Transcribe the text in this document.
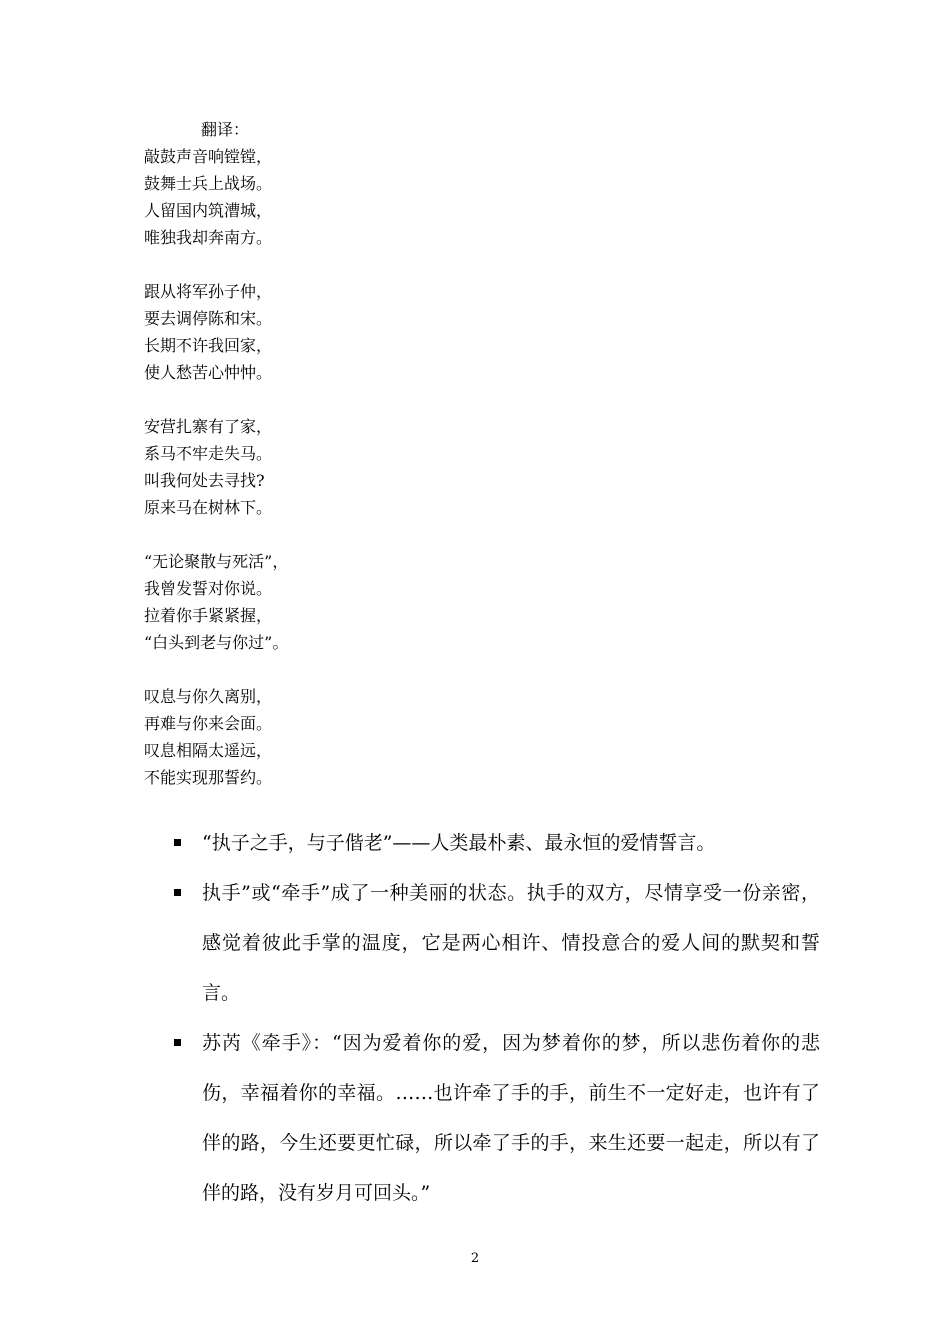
翻译：
敲鼓声音响镗镗，
鼓舞士兵上战场。
人留国内筑漕城，
唯独我却奔南方。
跟从将军孙子仲，
要去调停陈和宋。
长期不许我回家，
使人愁苦心忡忡。
安营扎寨有了家，
系马不牢走失马。
叫我何处去寻找?
原来马在树林下。
“无论聚散与死活”，
我曾发誓对你说。
拉着你手紧紧握，
“白头到老与你过”。
叹息与你久离别，
再难与你来会面。
叹息相隔太遥远，
不能实现那誓约。
“执子之手，与子偕老”——人类最朴素、最永恒的爱情誓言。
执手”或“牵手”成了一种美丽的状态。执手的双方，尽情享受一份亲密，感觉着彼此手掌的温度，它是两心相许、情投意合的爱人间的默契和誓言。
苏芮《牵手》：“因为爱着你的爱，因为梦着你的梦，所以悲伤着你的悲伤，幸福着你的幸福。……也许牵了手的手，前生不一定好走，也许有了伴的路，今生还要更忙碌，所以牵了手的手，来生还要一起走，所以有了伴的路，没有岁月可回头。”
2
